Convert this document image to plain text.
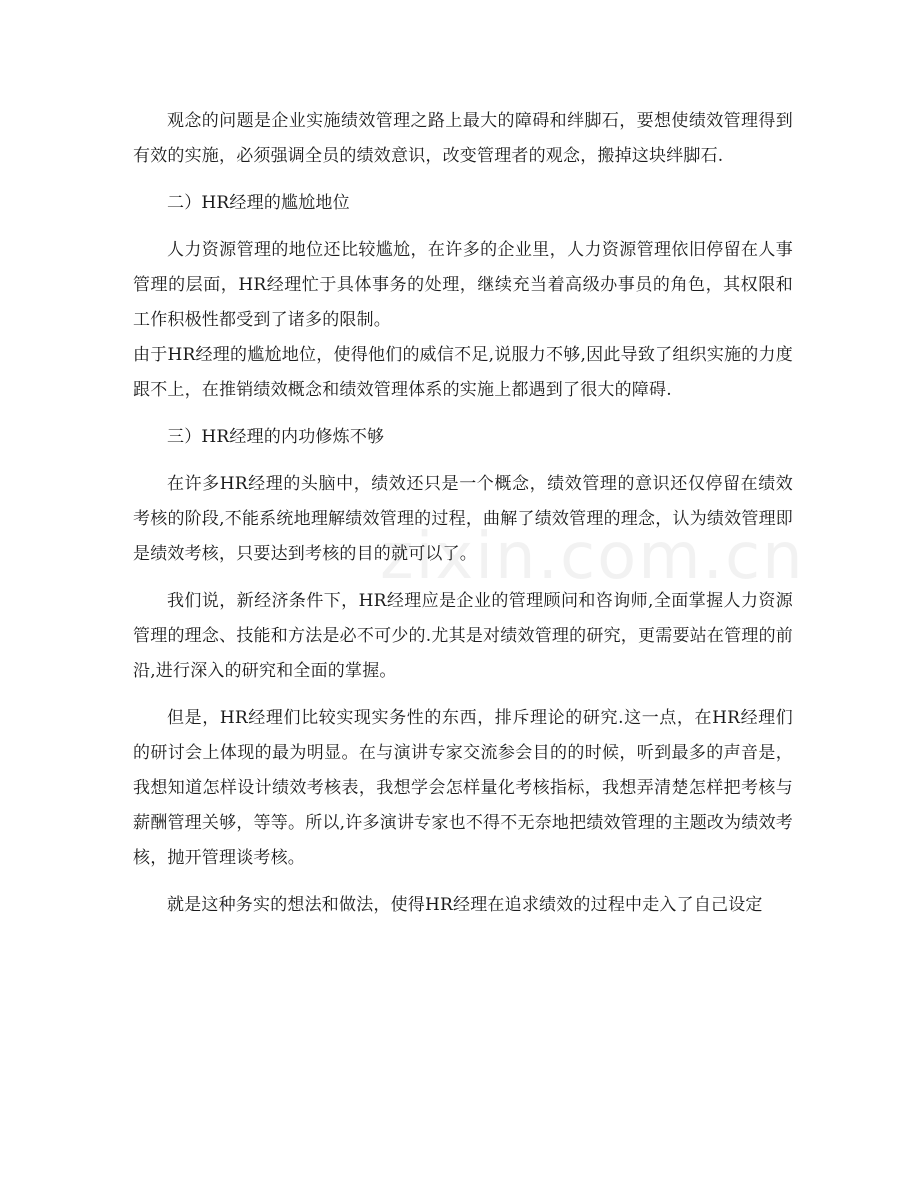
zixin.com.cn

观念的问题是企业实施绩效管理之路上最大的障碍和绊脚石，要想使绩效管理得到有效的实施，必须强调全员的绩效意识，改变管理者的观念，搬掉这块绊脚石.

二）HR经理的尴尬地位

人力资源管理的地位还比较尴尬，在许多的企业里，人力资源管理依旧停留在人事管理的层面，HR经理忙于具体事务的处理，继续充当着高级办事员的角色，其权限和工作积极性都受到了诸多的限制。

由于HR经理的尴尬地位，使得他们的威信不足,说服力不够,因此导致了组织实施的力度跟不上，在推销绩效概念和绩效管理体系的实施上都遇到了很大的障碍.

三）HR经理的内功修炼不够

在许多HR经理的头脑中，绩效还只是一个概念，绩效管理的意识还仅停留在绩效考核的阶段,不能系统地理解绩效管理的过程，曲解了绩效管理的理念，认为绩效管理即是绩效考核，只要达到考核的目的就可以了。

我们说，新经济条件下，HR经理应是企业的管理顾问和咨询师,全面掌握人力资源管理的理念、技能和方法是必不可少的.尤其是对绩效管理的研究，更需要站在管理的前沿,进行深入的研究和全面的掌握。

但是，HR经理们比较实现实务性的东西，排斥理论的研究.这一点，在HR经理们的研讨会上体现的最为明显。在与演讲专家交流参会目的的时候，听到最多的声音是，我想知道怎样设计绩效考核表，我想学会怎样量化考核指标，我想弄清楚怎样把考核与薪酬管理关够，等等。所以,许多演讲专家也不得不无奈地把绩效管理的主题改为绩效考核，抛开管理谈考核。

就是这种务实的想法和做法，使得HR经理在追求绩效的过程中走入了自己设定
